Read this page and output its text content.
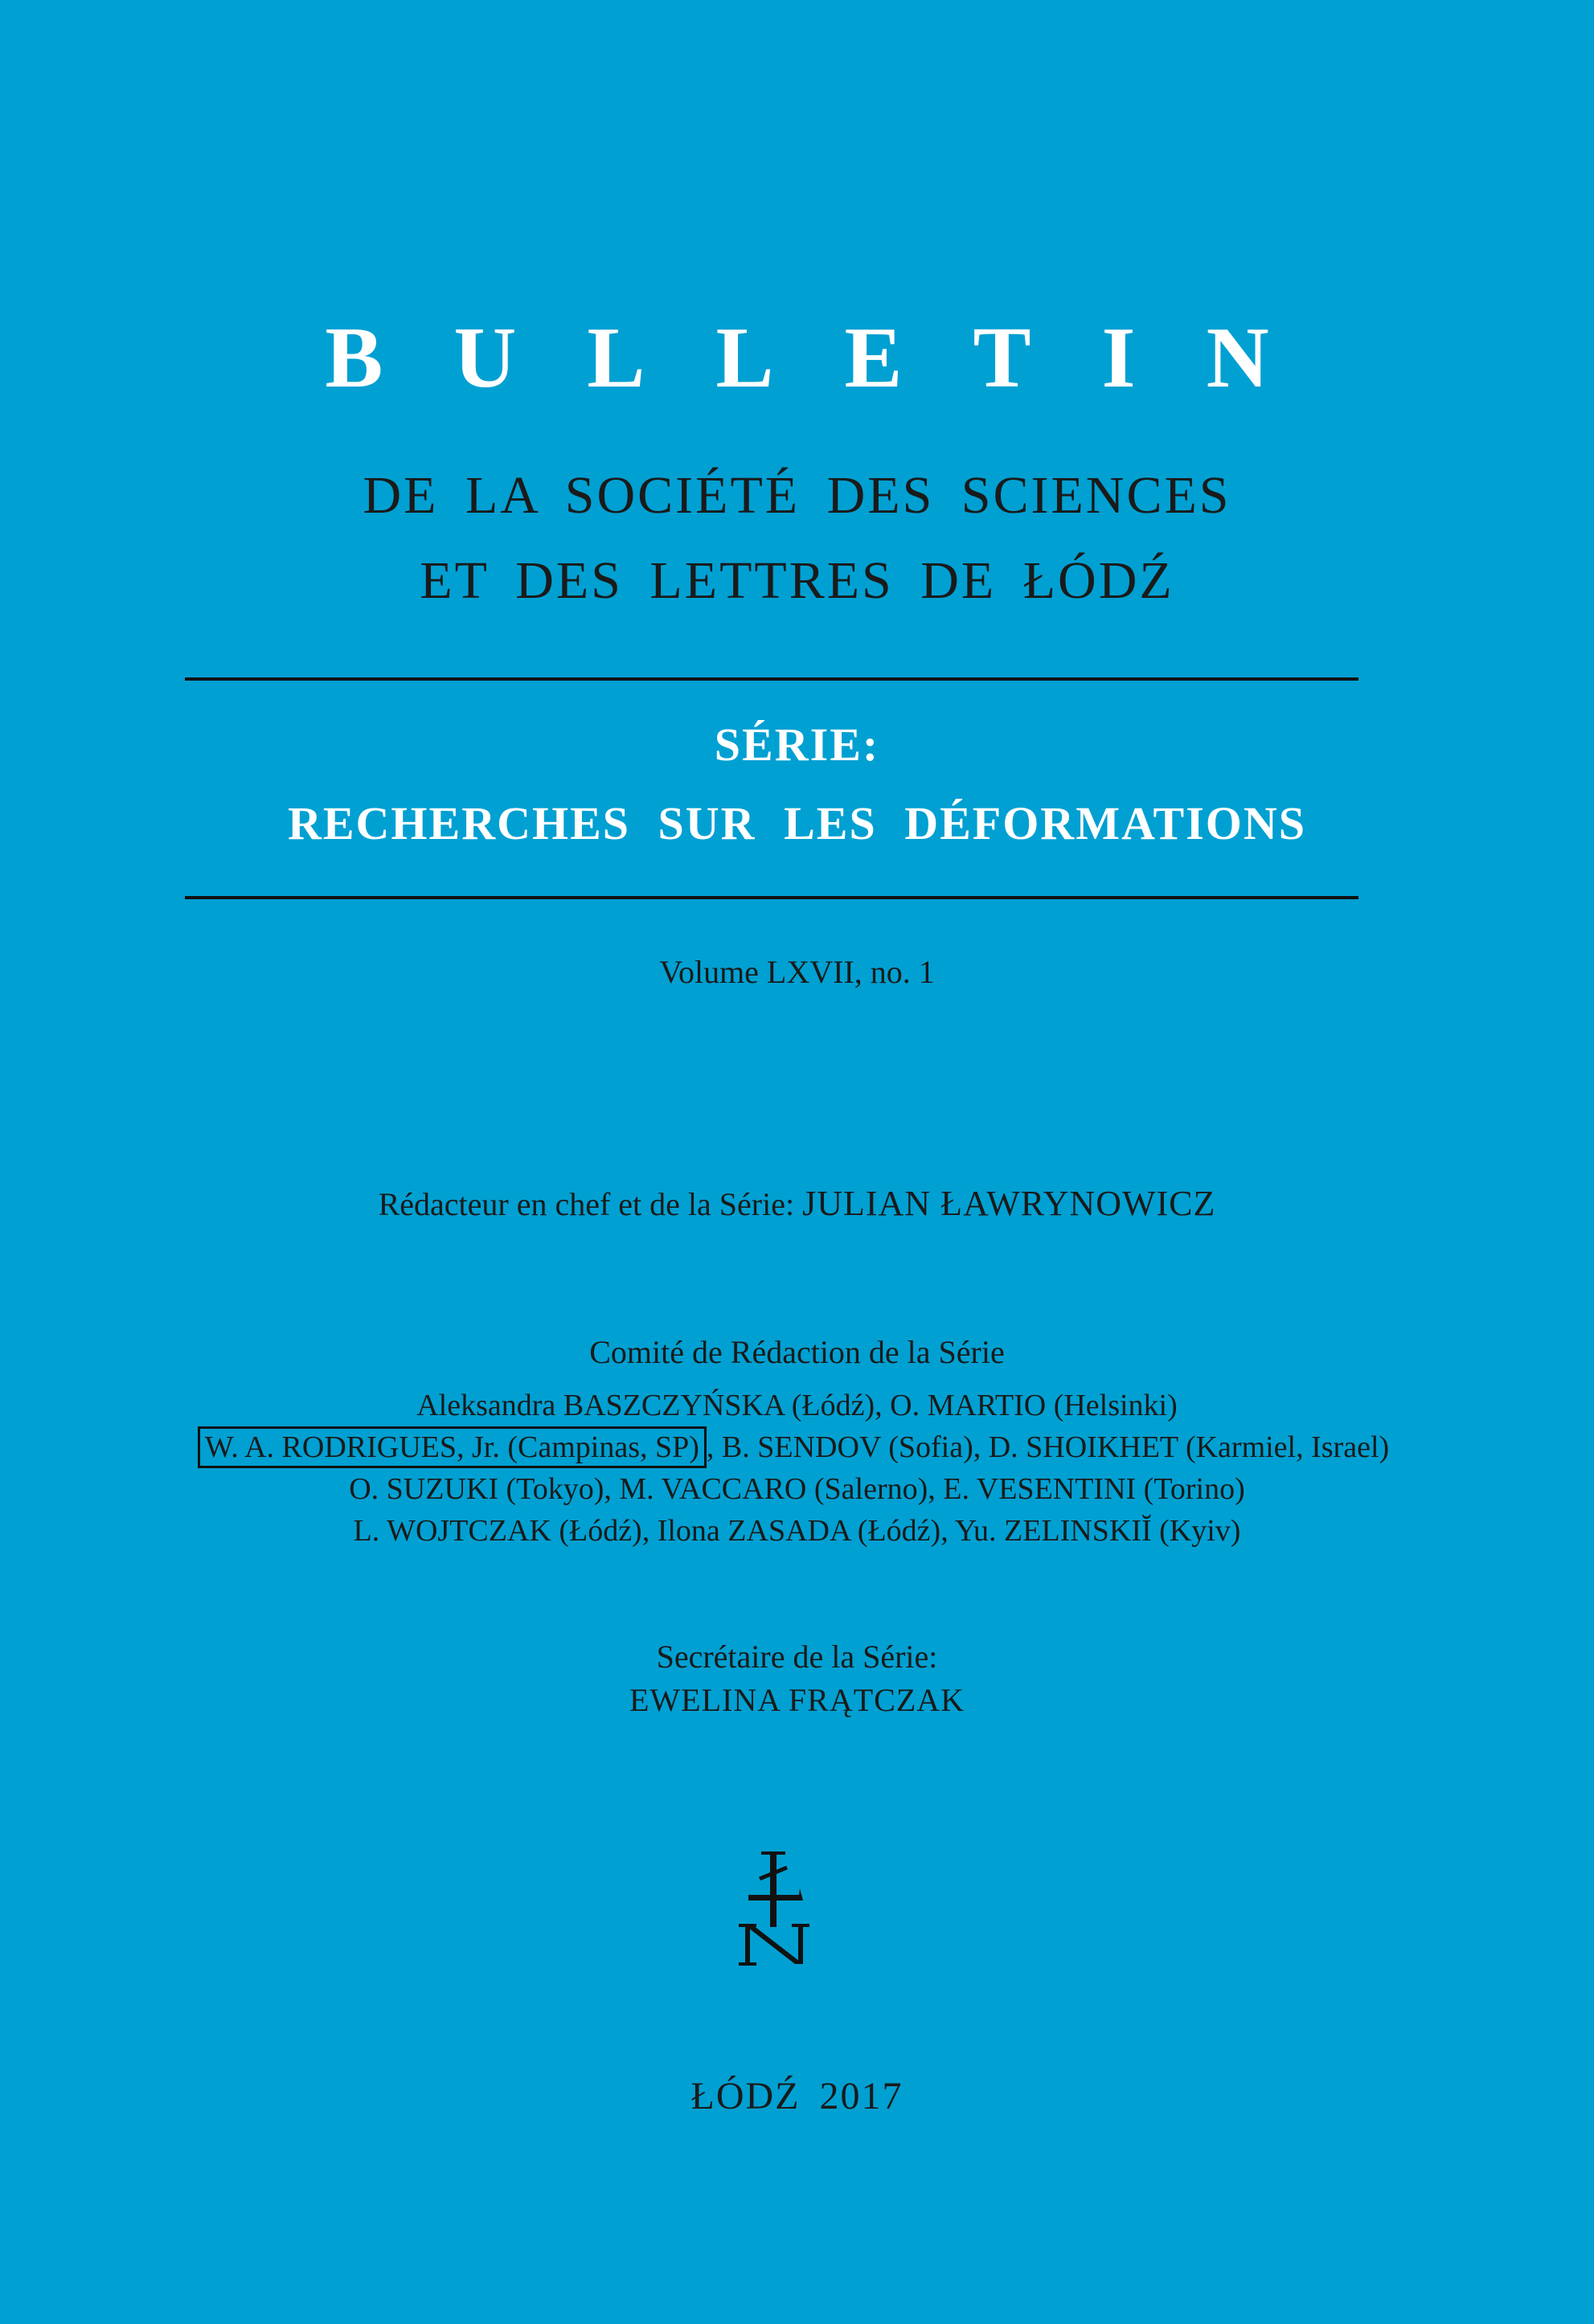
BULLETIN
DE LA SOCIÉTÉ DES SCIENCES
ET DES LETTRES DE ŁÓDŹ
SÉRIE:
RECHERCHES SUR LES DÉFORMATIONS
Volume LXVII, no. 1
Rédacteur en chef et de la Série: JULIAN ŁAWRYNOWICZ
Comité de Rédaction de la Série
Aleksandra BASZCZYŃSKA (Łódź), O. MARTIO (Helsinki)
W. A. RODRIGUES, Jr. (Campinas, SP) , B. SENDOV (Sofia), D. SHOIKHET (Karmiel, Israel)
O. SUZUKI (Tokyo), M. VACCARO (Salerno), E. VESENTINI (Torino)
L. WOJTCZAK (Łódź), Ilona ZASADA (Łódź), Yu. ZELINSKIĬ (Kyiv)
Secrétaire de la Série:
EWELINA FRĄTCZAK
ŁÓDŹ 2017
